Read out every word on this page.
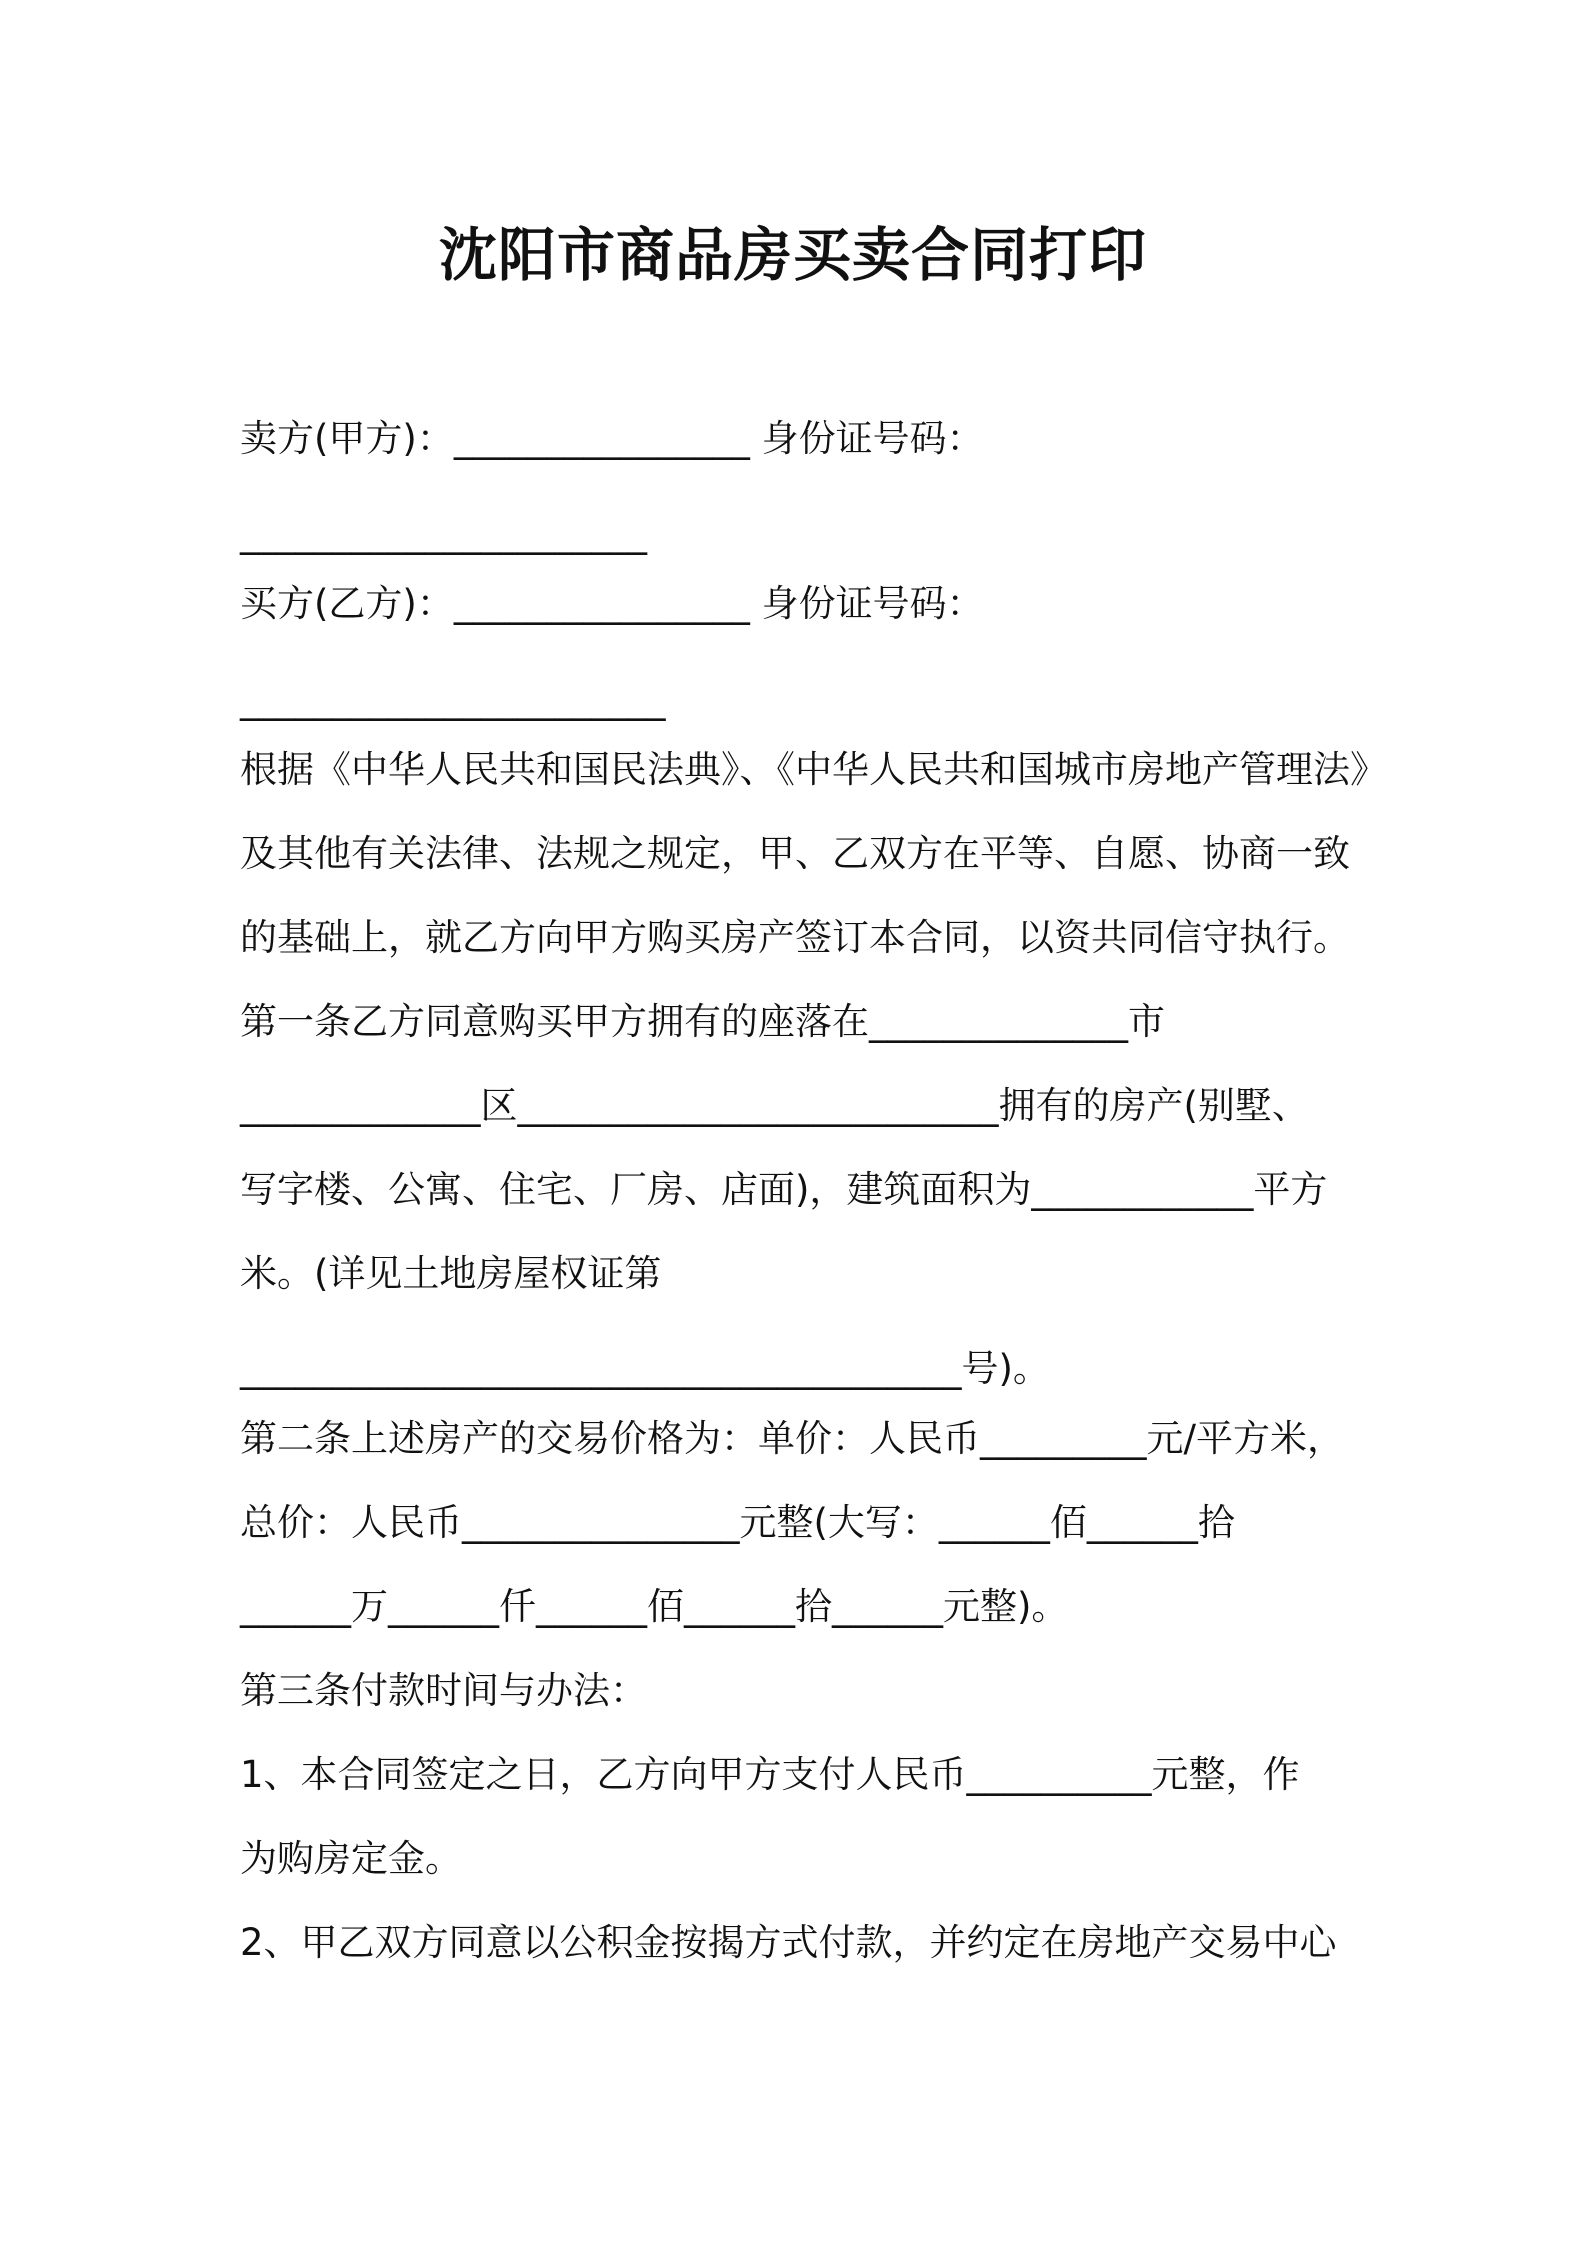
沈阳市商品房买卖合同打印

卖方(甲方)：________________ 身份证号码：

______________________

买方(乙方)：________________ 身份证号码：

_______________________

根据《中华人民共和国民法典》、《中华人民共和国城市房地产管理法》

及其他有关法律、法规之规定，甲、乙双方在平等、自愿、协商一致

的基础上，就乙方向甲方购买房产签订本合同，以资共同信守执行。

第一条乙方同意购买甲方拥有的座落在______________市

_____________区__________________________拥有的房产(别墅、

写字楼、公寓、住宅、厂房、店面)，建筑面积为____________平方

米。(详见土地房屋权证第

_______________________________________号)。

第二条上述房产的交易价格为：单价：人民币_________元/平方米，

总价：人民币_______________元整(大写：______佰______拾

______万______仟______佰______拾______元整)。

第三条付款时间与办法：

1、本合同签定之日，乙方向甲方支付人民币__________元整，作

为购房定金。

2、甲乙双方同意以公积金按揭方式付款，并约定在房地产交易中心
